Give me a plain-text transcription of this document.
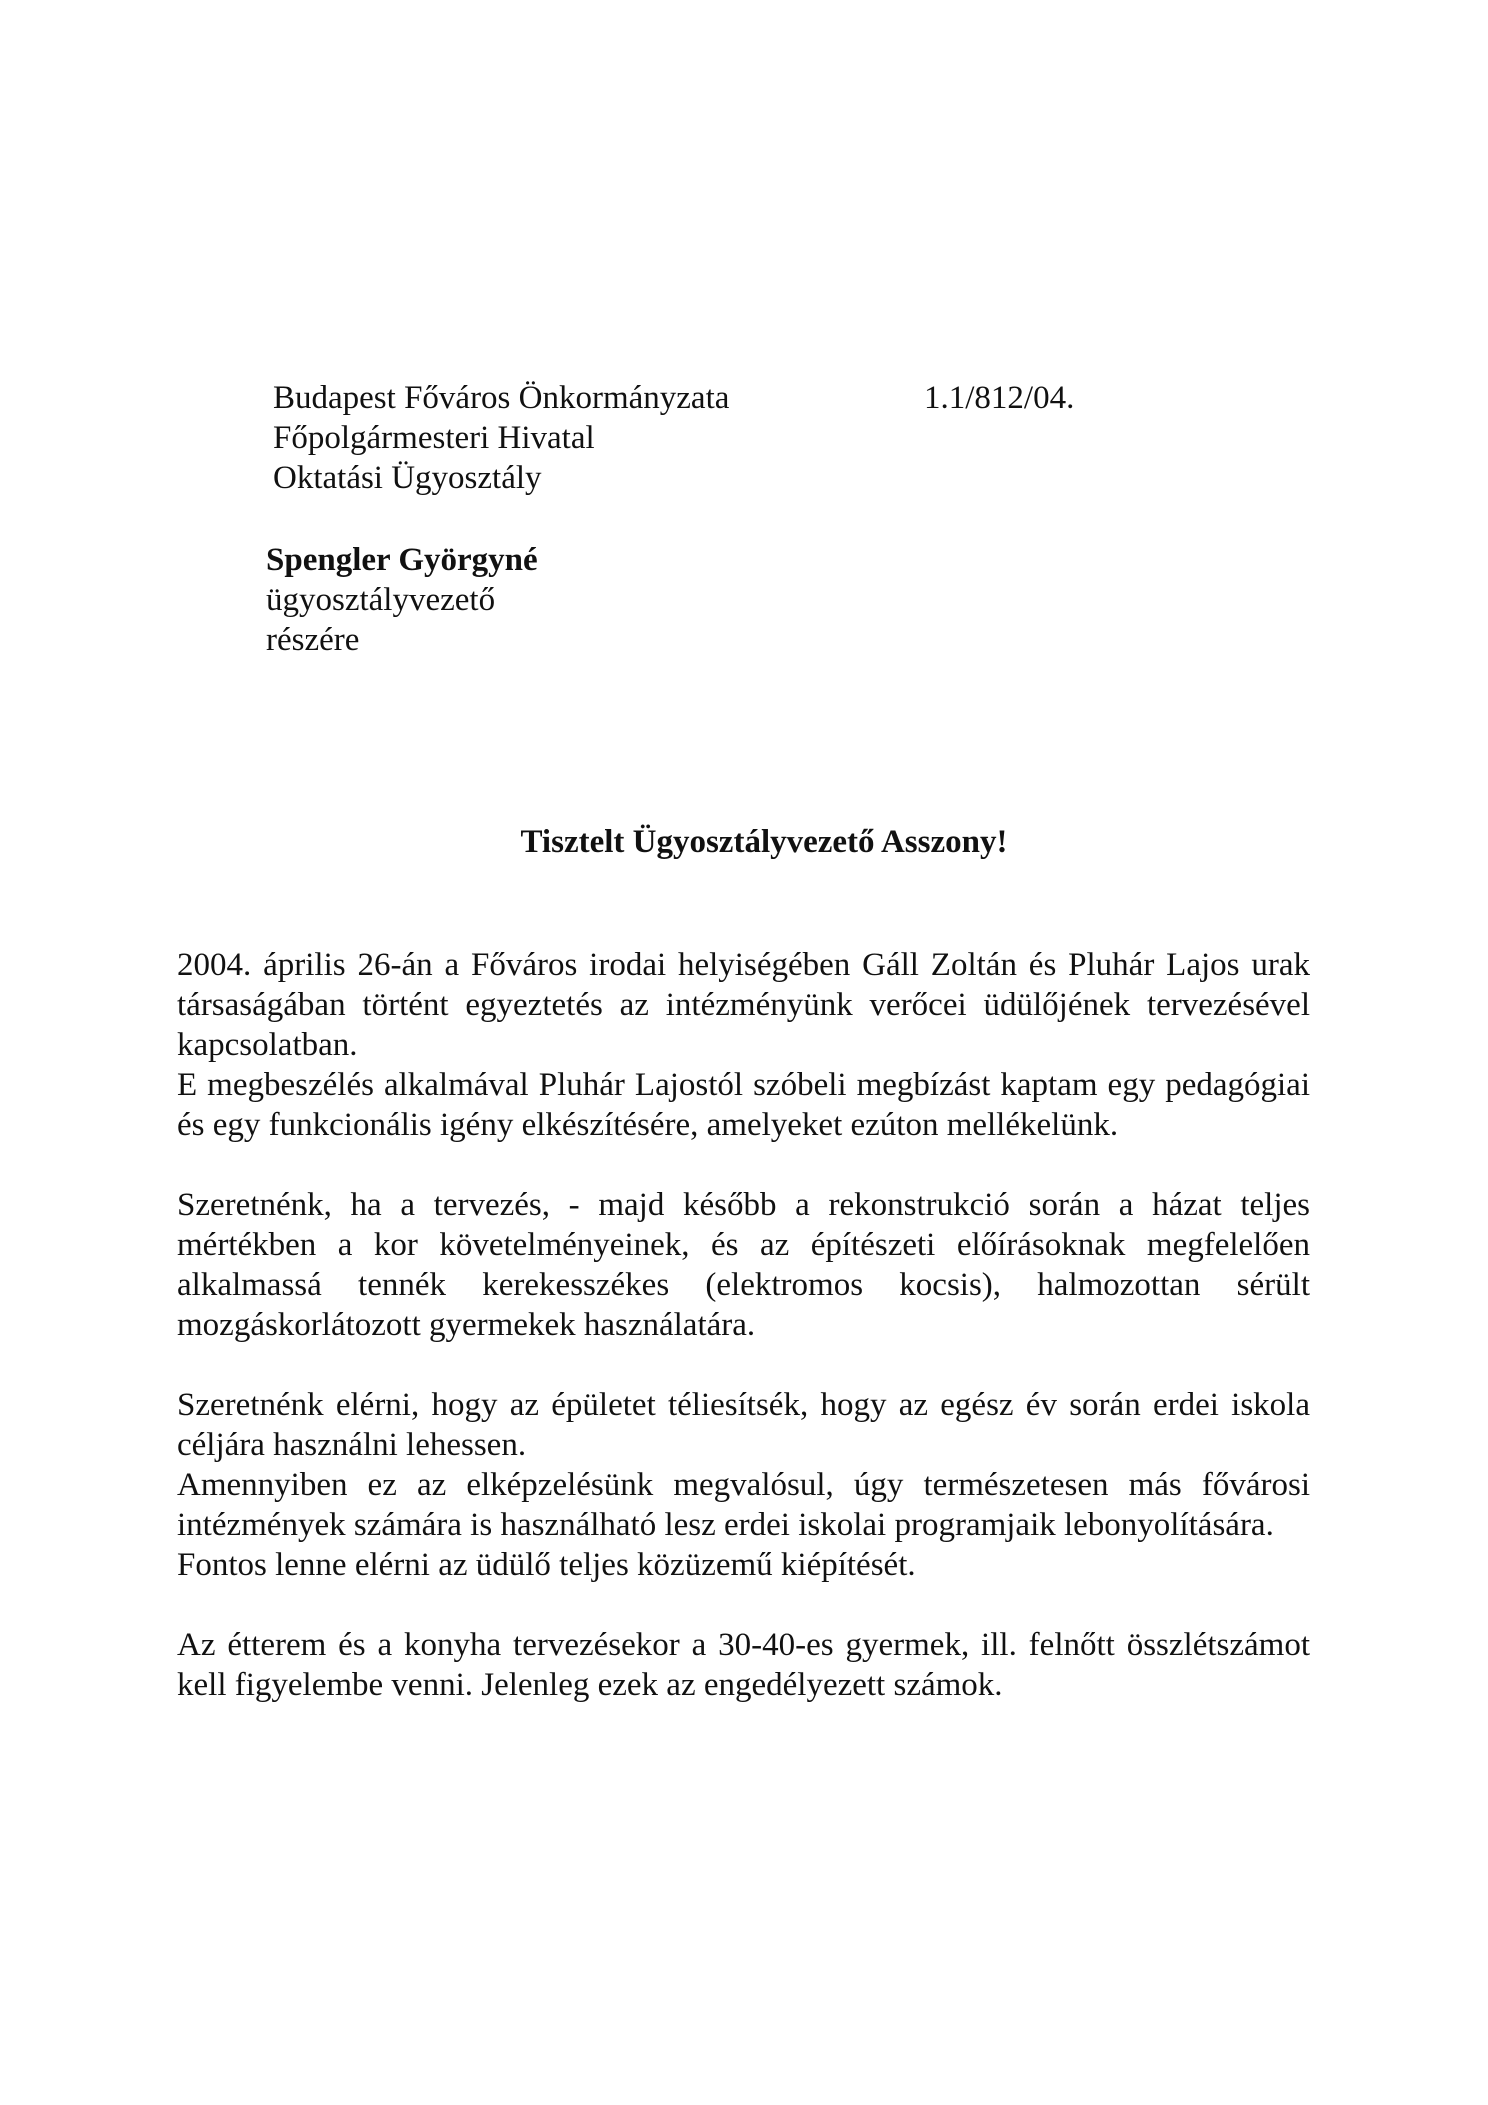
Budapest Főváros Önkormányzata
Főpolgármesteri Hivatal
Oktatási Ügyosztály
1.1/812/04.
Spengler Györgyné
ügyosztályvezető
részére
Tisztelt Ügyosztályvezető Asszony!

2004. április 26-án a Főváros irodai helyiségében Gáll Zoltán és Pluhár Lajos urak társaságában történt egyeztetés az intézményünk verőcei üdülőjének tervezésével kapcsolatban.

E megbeszélés alkalmával Pluhár Lajostól szóbeli megbízást kaptam egy pedagógiai és egy funkcionális igény elkészítésére, amelyeket ezúton mellékelünk.

Szeretnénk, ha a tervezés, - majd később a rekonstrukció során a házat teljes mértékben a kor követelményeinek, és az építészeti előírásoknak megfelelően alkalmassá tennék kerekesszékes (elektromos kocsis), halmozottan sérült mozgáskorlátozott gyermekek használatára.

Szeretnénk elérni, hogy az épületet téliesítsék, hogy az egész év során erdei iskola céljára használni lehessen.

Amennyiben ez az elképzelésünk megvalósul, úgy természetesen más fővárosi intézmények számára is használható lesz erdei iskolai programjaik lebonyolítására.

Fontos lenne elérni az üdülő teljes közüzemű kiépítését.

Az étterem és a konyha tervezésekor a 30-40-es gyermek, ill. felnőtt összlétszámot kell figyelembe venni. Jelenleg ezek az engedélyezett számok.
